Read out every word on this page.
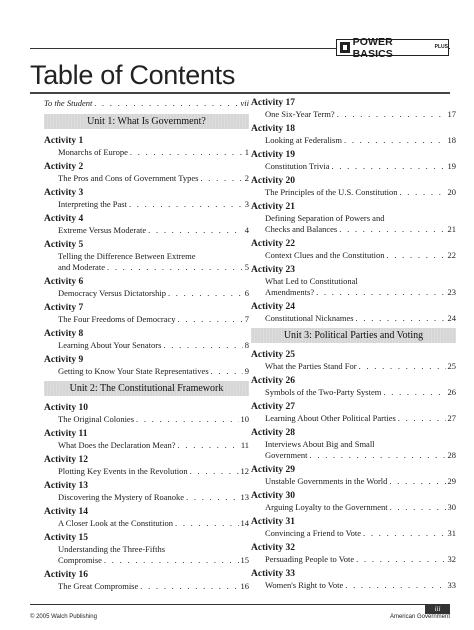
POWER BASICS
PLUS
Table of Contents
To the Student . . .	vii
Unit 1: What Is Government?
Activity 1
Monarchs of Europe . . .	1
Activity 2
The Pros and Cons of Government Types . . .	2
Activity 3
Interpreting the Past . . .	3
Activity 4
Extreme Versus Moderate . . .	4
Activity 5
Telling the Difference Between Extreme
and Moderate . . .	5
Activity 6
Democracy Versus Dictatorship . . .	6
Activity 7
The Four Freedoms of Democracy . . .	7
Activity 8
Learning About Your Senators . . .	8
Activity 9
Getting to Know Your State Representatives . . .	9
Unit 2: The Constitutional Framework
Activity 10
The Original Colonies . . .	10
Activity 11
What Does the Declaration Mean? . . .	11
Activity 12
Plotting Key Events in the Revolution . . .	12
Activity 13
Discovering the Mystery of Roanoke . . .	13
Activity 14
A Closer Look at the Constitution . . .	14
Activity 15
Understanding the Three-Fifths
Compromise . . .	15
Activity 16
The Great Compromise . . .	16
Activity 17
One Six-Year Term? . . .	17
Activity 18
Looking at Federalism . . .	18
Activity 19
Constitution Trivia . . .	19
Activity 20
The Principles of the U.S. Constitution . . .	20
Activity 21
Defining Separation of Powers and
Checks and Balances . . .	21
Activity 22
Context Clues and the Constitution . . .	22
Activity 23
What Led to Constitutional
Amendments? . . .	23
Activity 24
Constitutional Nicknames . . .	24
Unit 3: Political Parties and Voting
Activity 25
What the Parties Stand For . . .	25
Activity 26
Symbols of the Two-Party System . . .	26
Activity 27
Learning About Other Political Parties . . .	27
Activity 28
Interviews About Big and Small
Government . . .	28
Activity 29
Unstable Governments in the World . . .	29
Activity 30
Arguing Loyalty to the Government . . .	30
Activity 31
Convincing a Friend to Vote . . .	31
Activity 32
Persuading People to Vote . . .	32
Activity 33
Women's Right to Vote . . .	33
iii
© 2005 Walch Publishing	American Government
